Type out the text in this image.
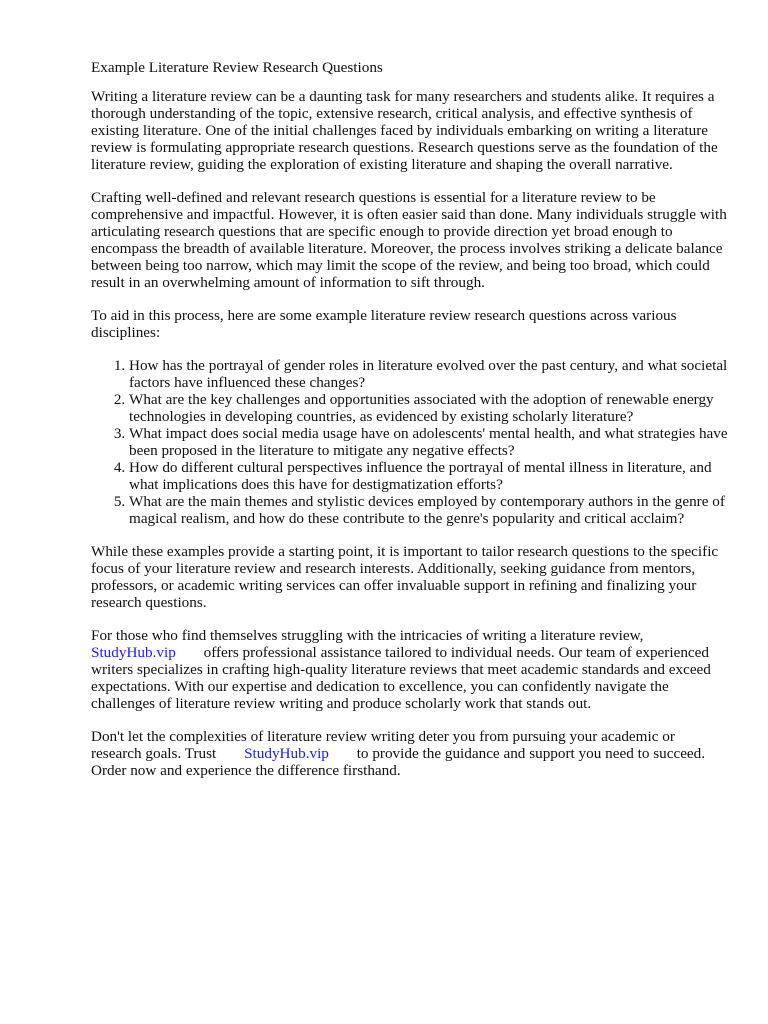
Example Literature Review Research Questions

Writing a literature review can be a daunting task for many researchers and students alike. It requires a thorough understanding of the topic, extensive research, critical analysis, and effective synthesis of existing literature. One of the initial challenges faced by individuals embarking on writing a literature review is formulating appropriate research questions. Research questions serve as the foundation of the literature review, guiding the exploration of existing literature and shaping the overall narrative.

Crafting well-defined and relevant research questions is essential for a literature review to be comprehensive and impactful. However, it is often easier said than done. Many individuals struggle with articulating research questions that are specific enough to provide direction yet broad enough to encompass the breadth of available literature. Moreover, the process involves striking a delicate balance between being too narrow, which may limit the scope of the review, and being too broad, which could result in an overwhelming amount of information to sift through.

To aid in this process, here are some example literature review research questions across various disciplines:

1. How has the portrayal of gender roles in literature evolved over the past century, and what societal factors have influenced these changes?
2. What are the key challenges and opportunities associated with the adoption of renewable energy technologies in developing countries, as evidenced by existing scholarly literature?
3. What impact does social media usage have on adolescents' mental health, and what strategies have been proposed in the literature to mitigate any negative effects?
4. How do different cultural perspectives influence the portrayal of mental illness in literature, and what implications does this have for destigmatization efforts?
5. What are the main themes and stylistic devices employed by contemporary authors in the genre of magical realism, and how do these contribute to the genre's popularity and critical acclaim?

While these examples provide a starting point, it is important to tailor research questions to the specific focus of your literature review and research interests. Additionally, seeking guidance from mentors, professors, or academic writing services can offer invaluable support in refining and finalizing your research questions.

For those who find themselves struggling with the intricacies of writing a literature review, StudyHub.vip offers professional assistance tailored to individual needs. Our team of experienced writers specializes in crafting high-quality literature reviews that meet academic standards and exceed expectations. With our expertise and dedication to excellence, you can confidently navigate the challenges of literature review writing and produce scholarly work that stands out.

Don't let the complexities of literature review writing deter you from pursuing your academic or research goals. Trust StudyHub.vip to provide the guidance and support you need to succeed. Order now and experience the difference firsthand.
